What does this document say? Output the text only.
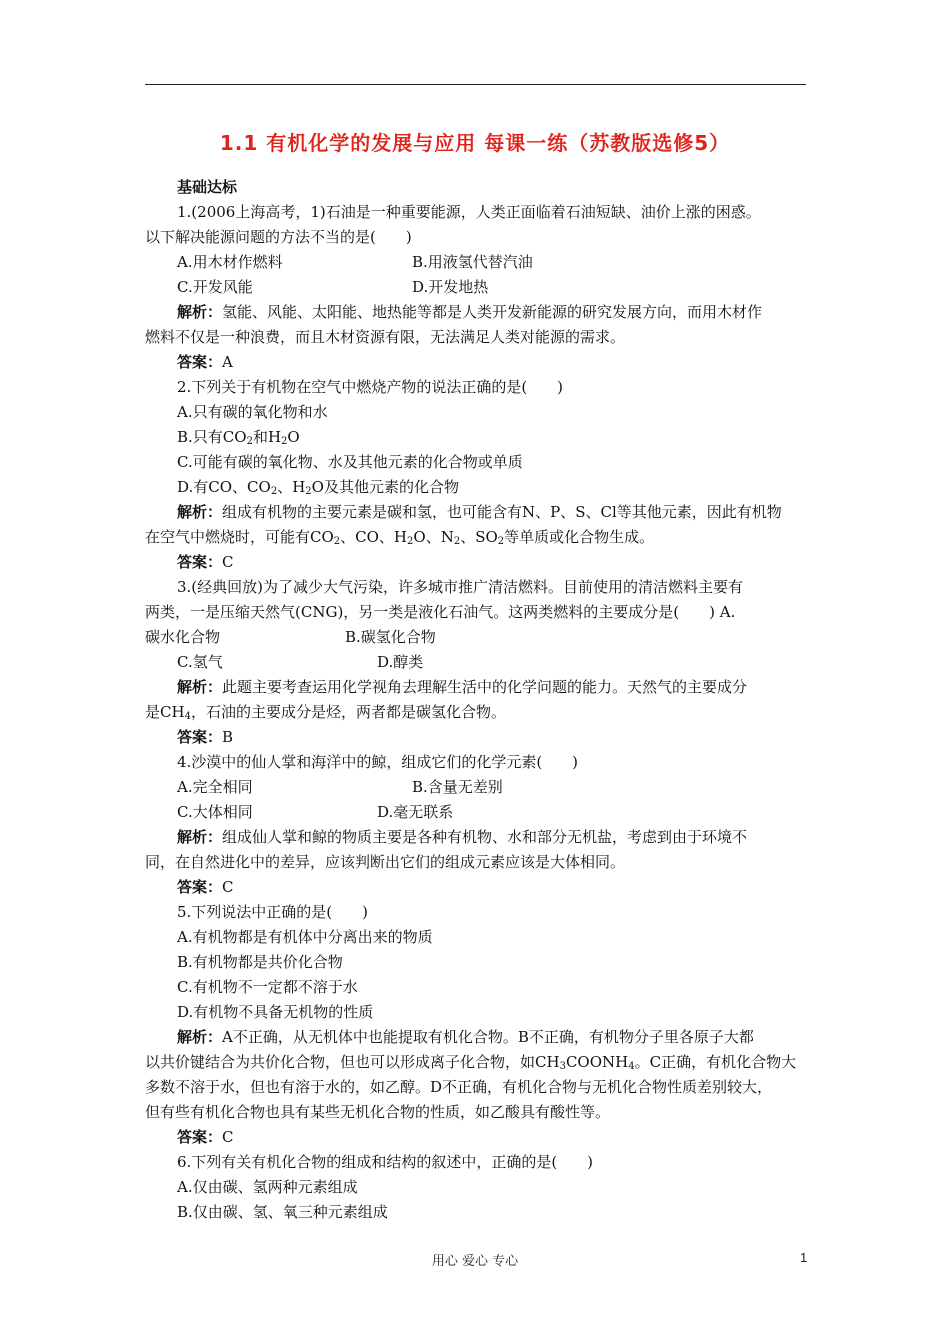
1.1 有机化学的发展与应用 每课一练（苏教版选修5）
基础达标
1.(2006上海高考，1)石油是一种重要能源，人类正面临着石油短缺、油价上涨的困惑。
以下解决能源问题的方法不当的是(　　)
A.用木材作燃料	B.用液氢代替汽油
C.开发风能	D.开发地热
解析：氢能、风能、太阳能、地热能等都是人类开发新能源的研究发展方向，而用木材作
燃料不仅是一种浪费，而且木材资源有限，无法满足人类对能源的需求。
答案：A
2.下列关于有机物在空气中燃烧产物的说法正确的是(　　)
A.只有碳的氧化物和水
B.只有$CO_2$和$H_2O$
C.可能有碳的氧化物、水及其他元素的化合物或单质
D.有CO、$CO_2$、$H_2O$及其他元素的化合物
解析：组成有机物的主要元素是碳和氢，也可能含有N、P、S、Cl等其他元素，因此有机物
在空气中燃烧时，可能有$CO_2$、CO、$H_2O$、$N_2$、$SO_2$等单质或化合物生成。
答案：C
3.(经典回放)为了减少大气污染，许多城市推广清洁燃料。目前使用的清洁燃料主要有
两类，一是压缩天然气(CNG)，另一类是液化石油气。这两类燃料的主要成分是(　　) A.
碳水化合物	B.碳氢化合物
C.氢气	D.醇类
解析：此题主要考查运用化学视角去理解生活中的化学问题的能力。天然气的主要成分
是$CH_4$，石油的主要成分是烃，两者都是碳氢化合物。
答案：B
4.沙漠中的仙人掌和海洋中的鲸，组成它们的化学元素(　　)
A.完全相同	B.含量无差别
C.大体相同	D.毫无联系
解析：组成仙人掌和鲸的物质主要是各种有机物、水和部分无机盐，考虑到由于环境不
同，在自然进化中的差异，应该判断出它们的组成元素应该是大体相同。
答案：C
5.下列说法中正确的是(　　)
A.有机物都是有机体中分离出来的物质
B.有机物都是共价化合物
C.有机物不一定都不溶于水
D.有机物不具备无机物的性质
解析：A不正确，从无机体中也能提取有机化合物。B不正确，有机物分子里各原子大都
以共价键结合为共价化合物，但也可以形成离子化合物，如$CH_3COONH_4$。C正确，有机化合物大
多数不溶于水，但也有溶于水的，如乙醇。D不正确，有机化合物与无机化合物性质差别较大，
但有些有机化合物也具有某些无机化合物的性质，如乙酸具有酸性等。
答案：C
6.下列有关有机化合物的组成和结构的叙述中，正确的是(　　)
A.仅由碳、氢两种元素组成
B.仅由碳、氢、氧三种元素组成
用心 爱心 专心	1
